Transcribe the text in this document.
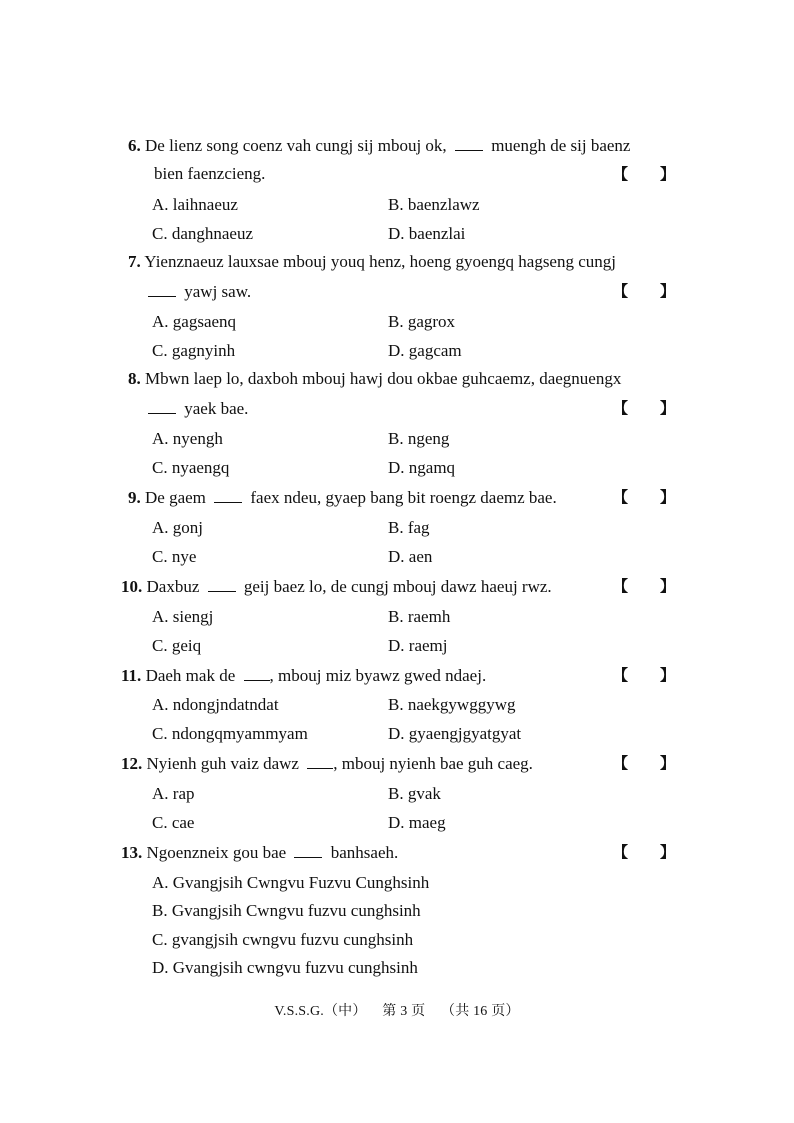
6. De lienz song coenz vah cungj sij mbouj ok,	muengh de sij baenz
bien faenzcieng.	【 】
A. laihnaeuz	B. baenzlawz
C. danghnaeuz	D. baenzlai
7. Yienznaeuz lauxsae mbouj youq henz, hoeng gyoengq hagseng cungj
yawj saw.	【 】
A. gagsaenq	B. gagrox
C. gagnyinh	D. gagcam
8. Mbwn laep lo, daxboh mbouj hawj dou okbae guhcaemz, daegnuengx
yaek bae.	【 】
A. nyengh	B. ngeng
C. nyaengq	D. ngamq
9. De gaem	faex ndeu, gyaep bang bit roengz daemz bae.	【 】
A. gonj	B. fag
C. nye	D. aen
10. Daxbuz	geij baez lo, de cungj mbouj dawz haeuj rwz.	【 】
A. siengj	B. raemh
C. geiq	D. raemj
11. Daeh mak de , mbouj miz byawz gwed ndaej.	【 】
A. ndongjndatndat	B. naekgywggywg
C. ndongqmyammyam	D. gyaengjgyatgyat
12. Nyienh guh vaiz dawz , mbouj nyienh bae guh caeg.	【 】
A. rap	B. gvak
C. cae	D. maeg
13. Ngoenzneix gou bae	banhsaeh.	【 】
A. Gvangjsih Cwngvu Fuzvu Cunghsinh
B. Gvangjsih Cwngvu fuzvu cunghsinh
C. gvangjsih cwngvu fuzvu cunghsinh
D. Gvangjsih cwngvu fuzvu cunghsinh
V.S.S.G.（中） 第 3 页 （共 16 页）
